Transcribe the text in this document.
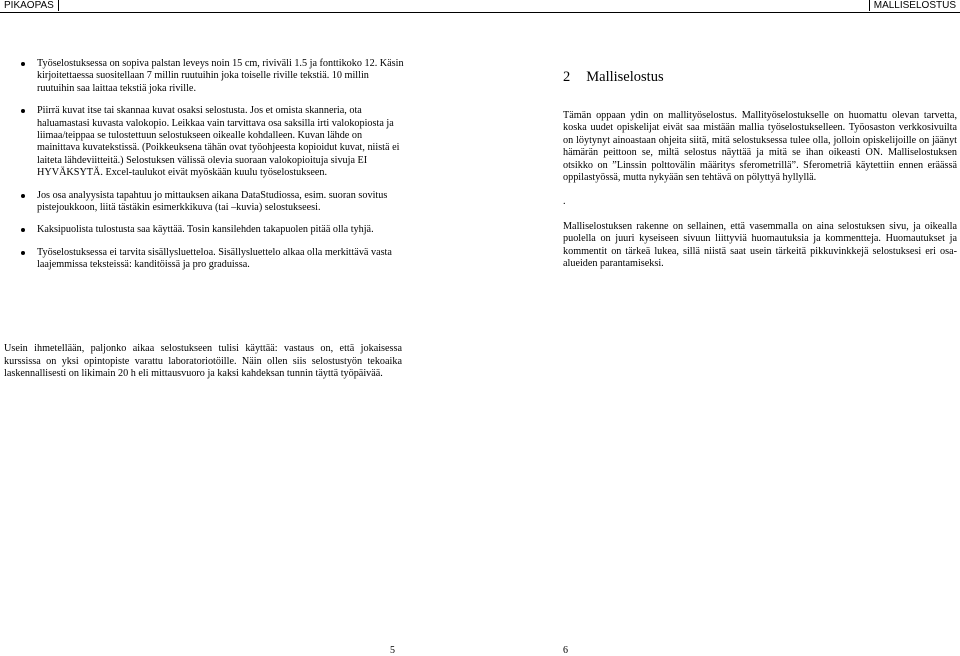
PIKAOPAS	MALLISELOSTUS
Työselostuksessa on sopiva palstan leveys noin 15 cm, riviväli 1.5 ja fonttikoko 12. Käsin kirjoitettaessa suositellaan 7 millin ruutuihin joka toiselle riville tekstiä. 10 millin ruutuihin saa laittaa tekstiä joka riville.
Piirrä kuvat itse tai skannaa kuvat osaksi selostusta. Jos et omista skanneria, ota haluamastasi kuvasta valokopio. Leikkaa vain tarvittava osa saksilla irti valokopiosta ja liimaa/teippaa se tulostettuun selostukseen oikealle kohdalleen. Kuvan lähde on mainittava kuvatekstissä. (Poikkeuksena tähän ovat työohjeesta kopioidut kuvat, niistä ei laiteta lähdeviitteitä.) Selostuksen välissä olevia suoraan valokopioituja sivuja EI HYVÄKSYTÄ. Excel-taulukot eivät myöskään kuulu työselostukseen.
Jos osa analyysista tapahtuu jo mittauksen aikana DataStudiossa, esim. suoran sovitus pistejoukkoon, liitä tästäkin esimerkkikuva (tai –kuvia) selostukseesi.
Kaksipuolista tulostusta saa käyttää. Tosin kansilehden takapuolen pitää olla tyhjä.
Työselostuksessa ei tarvita sisällysluetteloa. Sisällysluettelo alkaa olla merkittävä vasta laajemmissa teksteissä: kanditöissä ja pro graduissa.

Usein ihmetellään, paljonko aikaa selostukseen tulisi käyttää: vastaus on, että jokaisessa kurssissa on yksi opintopiste varattu laboratoriotöille. Näin ollen siis selostustyön tekoaika laskennallisesti on likimain 20 h eli mittausvuoro ja kaksi kahdeksan tunnin täyttä työpäivää.

2 Malliselostus

Tämän oppaan ydin on mallityöselostus. Mallityöselostukselle on huomattu olevan tarvetta, koska uudet opiskelijat eivät saa mistään mallia työselostukselleen. Työosaston verkkosivuilta on löytynyt ainoastaan ohjeita siitä, mitä selostuksessa tulee olla, jolloin opiskelijoille on jäänyt hämärän peittoon se, miltä selostus näyttää ja mitä se ihan oikeasti ON. Malliselostuksen otsikko on ”Linssin polttovälin määritys sferometrillä”. Sferometriä käytettiin ennen eräässä oppilastyössä, mutta nykyään sen tehtävä on pölyttyä hyllyllä.

.

Malliselostuksen rakenne on sellainen, että vasemmalla on aina selostuksen sivu, ja oikealla puolella on juuri kyseiseen sivuun liittyviä huomautuksia ja kommentteja. Huomautukset ja kommentit on tärkeä lukea, sillä niistä saat usein tärkeitä pikkuvinkkejä selostuksesi eri osa-alueiden parantamiseksi.

5	6
